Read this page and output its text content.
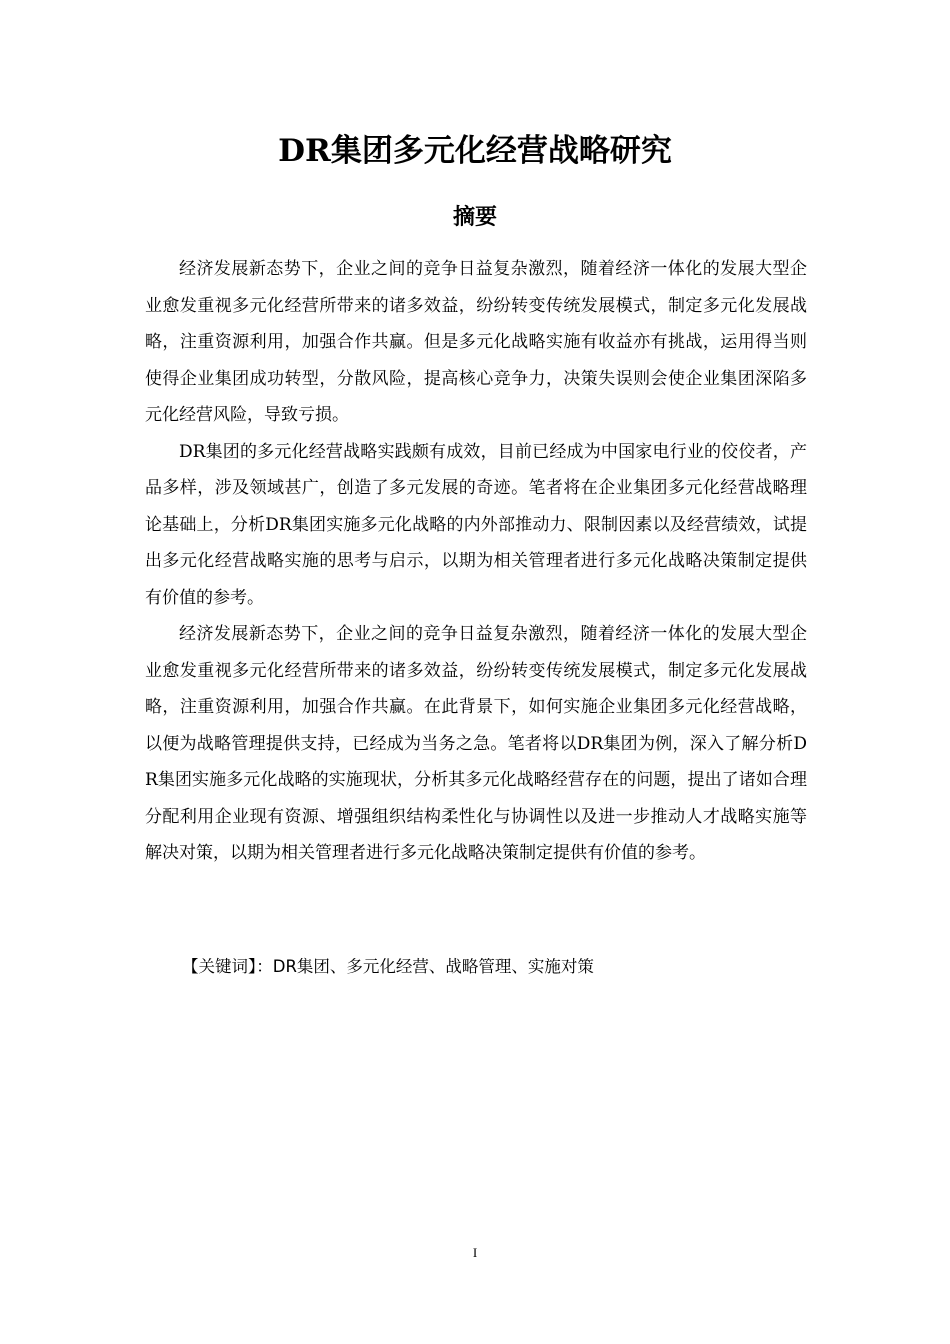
DR集团多元化经营战略研究
摘要

经济发展新态势下，企业之间的竞争日益复杂激烈，随着经济一体化的发展大型企业愈发重视多元化经营所带来的诸多效益，纷纷转变传统发展模式，制定多元化发展战略，注重资源利用，加强合作共赢。但是多元化战略实施有收益亦有挑战，运用得当则使得企业集团成功转型，分散风险，提高核心竞争力，决策失误则会使企业集团深陷多元化经营风险，导致亏损。

DR集团的多元化经营战略实践颇有成效，目前已经成为中国家电行业的佼佼者，产品多样，涉及领域甚广，创造了多元发展的奇迹。笔者将在企业集团多元化经营战略理论基础上，分析DR集团实施多元化战略的内外部推动力、限制因素以及经营绩效，试提出多元化经营战略实施的思考与启示，以期为相关管理者进行多元化战略决策制定提供有价值的参考。

经济发展新态势下，企业之间的竞争日益复杂激烈，随着经济一体化的发展大型企业愈发重视多元化经营所带来的诸多效益，纷纷转变传统发展模式，制定多元化发展战略，注重资源利用，加强合作共赢。在此背景下，如何实施企业集团多元化经营战略，以便为战略管理提供支持，已经成为当务之急。笔者将以DR集团为例，深入了解分析DR集团实施多元化战略的实施现状，分析其多元化战略经营存在的问题，提出了诸如合理分配利用企业现有资源、增强组织结构柔性化与协调性以及进一步推动人才战略实施等解决对策，以期为相关管理者进行多元化战略决策制定提供有价值的参考。

【关键词】：DR集团、多元化经营、战略管理、实施对策
I
